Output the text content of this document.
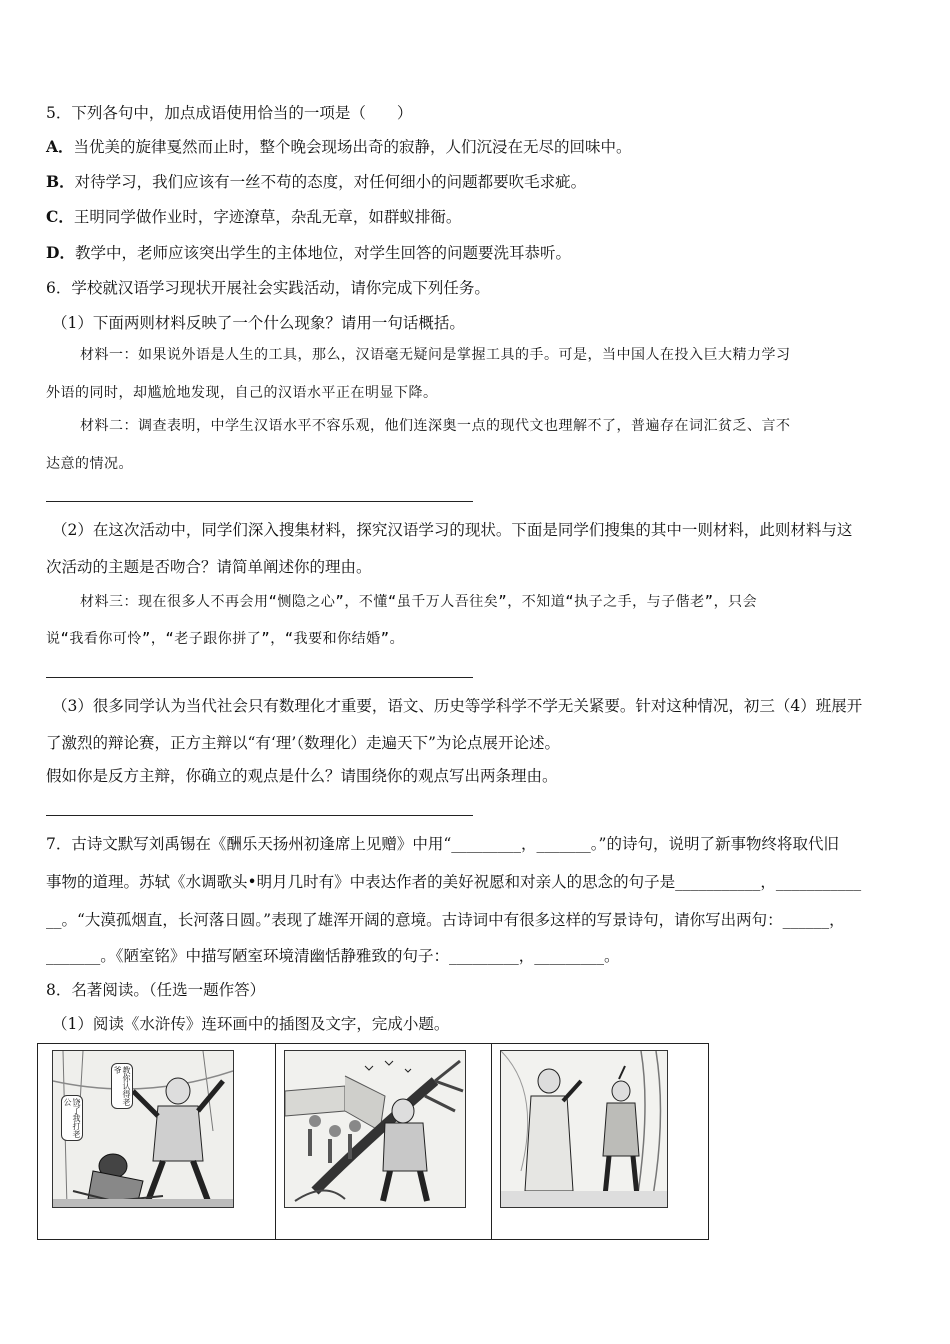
5．下列各句中，加点成语使用恰当的一项是（　　）
A．当优美的旋律戛然而止时，整个晚会现场出奇的寂静，人们沉浸在无尽的回味中。
B．对待学习，我们应该有一丝不苟的态度，对任何细小的问题都要吹毛求疵。
C．王明同学做作业时，字迹潦草，杂乱无章，如群蚁排衙。
D．教学中，老师应该突出学生的主体地位，对学生回答的问题要洗耳恭听。
6．学校就汉语学习现状开展社会实践活动，请你完成下列任务。
（1）下面两则材料反映了一个什么现象？请用一句话概括。
材料一：如果说外语是人生的工具，那么，汉语毫无疑问是掌握工具的手。可是，当中国人在投入巨大精力学习
外语的同时，却尴尬地发现，自己的汉语水平正在明显下降。
材料二：调查表明，中学生汉语水平不容乐观，他们连深奥一点的现代文也理解不了，普遍存在词汇贫乏、言不
达意的情况。
（2）在这次活动中，同学们深入搜集材料，探究汉语学习的现状。下面是同学们搜集的其中一则材料，此则材料与这
次活动的主题是否吻合？请简单阐述你的理由。
材料三：现在很多人不再会用“恻隐之心”，不懂“虽千万人吾往矣”，不知道“执子之手，与子偕老”，只会
说“我看你可怜”，“老子跟你拼了”，“我要和你结婚”。
（3）很多同学认为当代社会只有数理化才重要，语文、历史等学科学不学无关紧要。针对这种情况，初三（4）班展开
了激烈的辩论赛，正方主辩以“有‘理’（数理化）走遍天下”为论点展开论述。
假如你是反方主辩，你确立的观点是什么？请围绕你的观点写出两条理由。
7．古诗文默写刘禹锡在《酬乐天扬州初逢席上见赠》中用“_________，_______。”的诗句，说明了新事物终将取代旧
事物的道理。苏轼《水调歌头•明月几时有》中表达作者的美好祝愿和对亲人的思念的句子是___________，___________
__。“大漠孤烟直，长河落日圆。”表现了雄浑开阔的意境。古诗词中有很多这样的写景诗句，请你写出两句：______，
_______。《陋室铭》中描写陋室环境清幽恬静雅致的句子：_________，_________。
8．名著阅读。（任选一题作答）
（1）阅读《水浒传》连环画中的插图及文字，完成小题。
教你认得老爷
饶了我打老公
